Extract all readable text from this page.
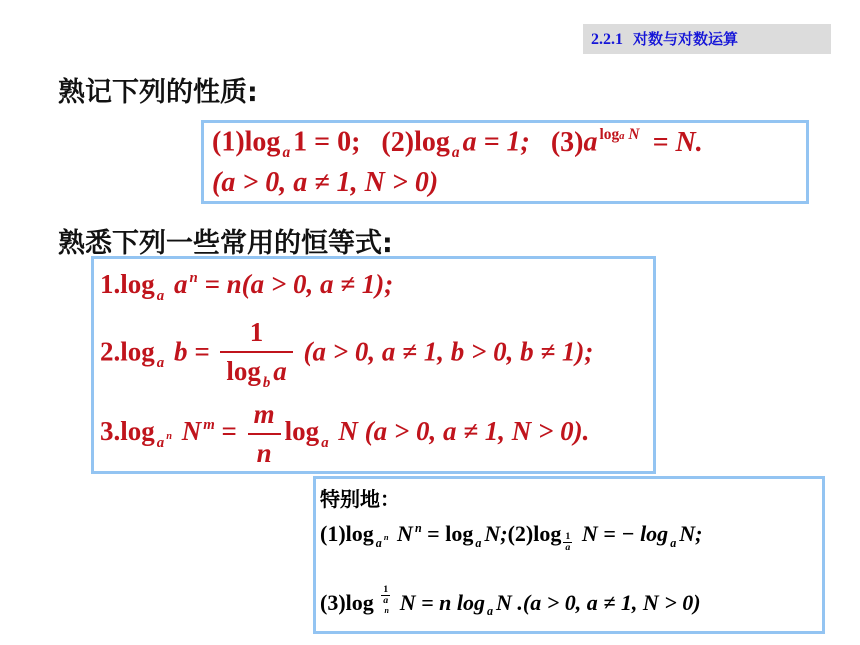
2.2.1 对数与对数运算
熟记下列的性质:
(1)log $_a$ 1 = 0; (2)log $_a$ a = 1; (3)a $^{loga N}$ = N.
(a > 0, a ≠ 1, N > 0)
熟悉下列一些常用的恒等式:
1.log $_a$ a $^n$ = n(a > 0, a ≠ 1);
2.log $_a$ $b = \frac{1}{\log _b a} (a > 0$, a ≠ 1, b > 0, b ≠ 1);
3.log $_{a ^n}$ N $^m = \frac{m}{n}$ log $_a$ N (a > 0, a ≠ 1, N > 0).
特别地：
(1)log $_{a ^n}$ N $^n$ = log $_a$ N;(2)log $\frac{1}{a}$ N = − log $_a$ N;
(3)log 1
a
$^n$ N = n log $_a$ N .(a > 0, a ≠ 1, N > 0)
